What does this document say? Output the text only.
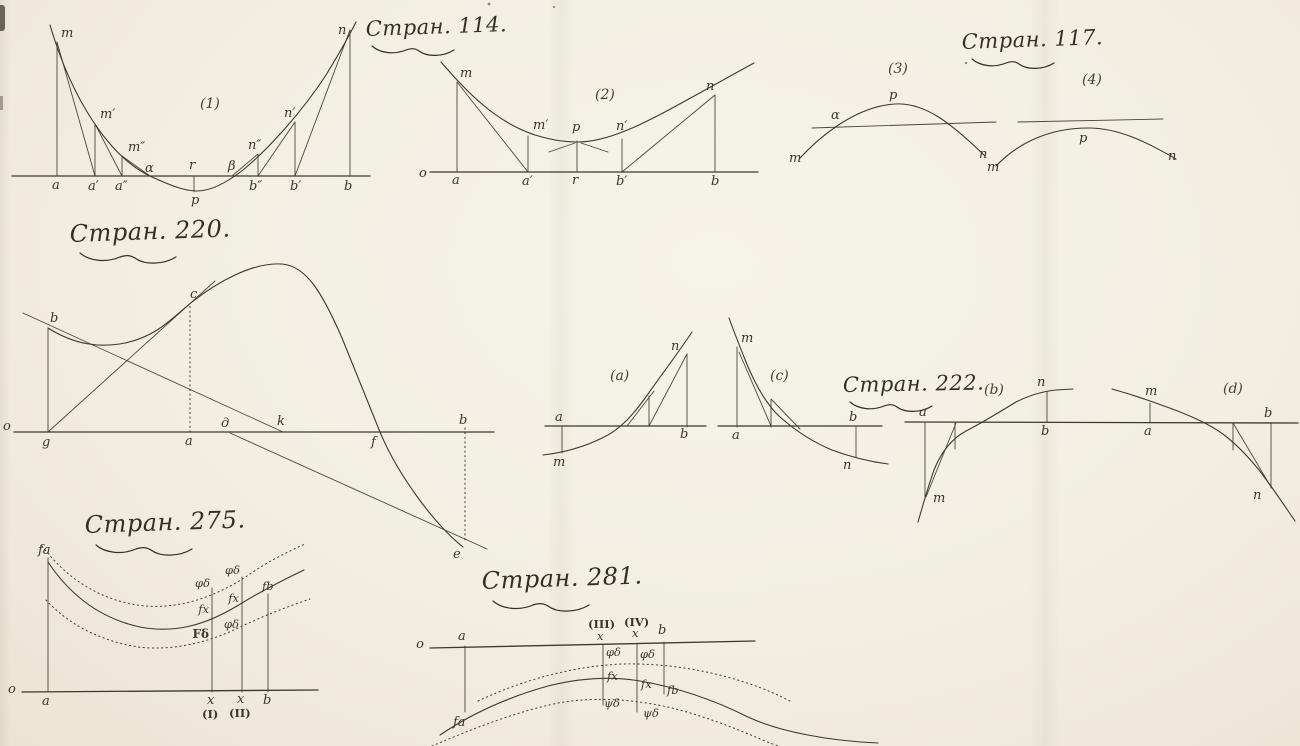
Стран. 114.	Стран. 117.
Стран. 220.
Стран. 222.
Стран. 275.
Стран. 281.
(1)
m
m′
m″
n
n′
n″
a a′ a″
α	r
p
β
b″ b′	b
(2)
o
m
m′ p	n′
n
a	a′	r	b′	b
(3)
α
p
m	n
(4)
p
m
n
o
g
b
c
a
д	k
f
b
e
(a)
a
m
b
n
(c)
m
a
b
n
(b)
a
m
b
n	(d)
a
m
b
n
o
a
fa
φδ
φδ
fx
fx
Fδ
φδ
fb
x
(I)
x
(II)
b
o
a
fa
(III)
x
(IV)
x b
φδ
fx
ψδ
φδ
fx
ψδ
fb
